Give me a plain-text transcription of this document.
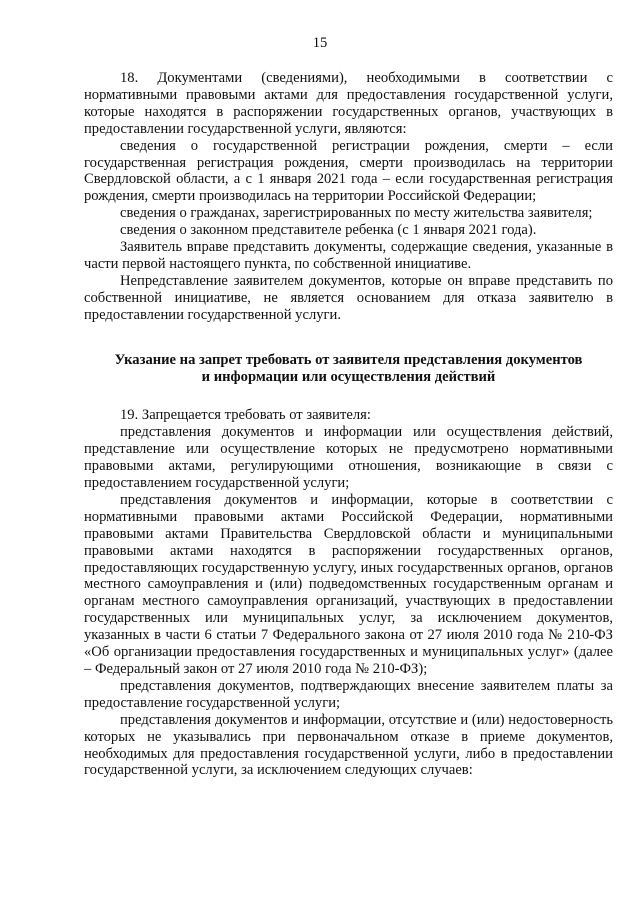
15

18. Документами (сведениями), необходимыми в соответствии с нормативными правовыми актами для предоставления государственной услуги, которые находятся в распоряжении государственных органов, участвующих в предоставлении государственной услуги, являются:

сведения о государственной регистрации рождения, смерти – если государственная регистрация рождения, смерти производилась на территории Свердловской области, а с 1 января 2021 года – если государственная регистрация рождения, смерти производилась на территории Российской Федерации;

сведения о гражданах, зарегистрированных по месту жительства заявителя;

сведения о законном представителе ребенка (с 1 января 2021 года).

Заявитель вправе представить документы, содержащие сведения, указанные в части первой настоящего пункта, по собственной инициативе.

Непредставление заявителем документов, которые он вправе представить по собственной инициативе, не является основанием для отказа заявителю в предоставлении государственной услуги.

Указание на запрет требовать от заявителя представления документов
и информации или осуществления действий

19. Запрещается требовать от заявителя:

представления документов и информации или осуществления действий, представление или осуществление которых не предусмотрено нормативными правовыми актами, регулирующими отношения, возникающие в связи с предоставлением государственной услуги;

представления документов и информации, которые в соответствии с нормативными правовыми актами Российской Федерации, нормативными правовыми актами Правительства Свердловской области и муниципальными правовыми актами находятся в распоряжении государственных органов, предоставляющих государственную услугу, иных государственных органов, органов местного самоуправления и (или) подведомственных государственным органам и органам местного самоуправления организаций, участвующих в предоставлении государственных или муниципальных услуг, за исключением документов, указанных в части 6 статьи 7 Федерального закона от 27 июля 2010 года № 210-ФЗ «Об организации предоставления государственных и муниципальных услуг» (далее – Федеральный закон от 27 июля 2010 года № 210-ФЗ);

представления документов, подтверждающих внесение заявителем платы за предоставление государственной услуги;

представления документов и информации, отсутствие и (или) недостоверность которых не указывались при первоначальном отказе в приеме документов, необходимых для предоставления государственной услуги, либо в предоставлении государственной услуги, за исключением следующих случаев:
